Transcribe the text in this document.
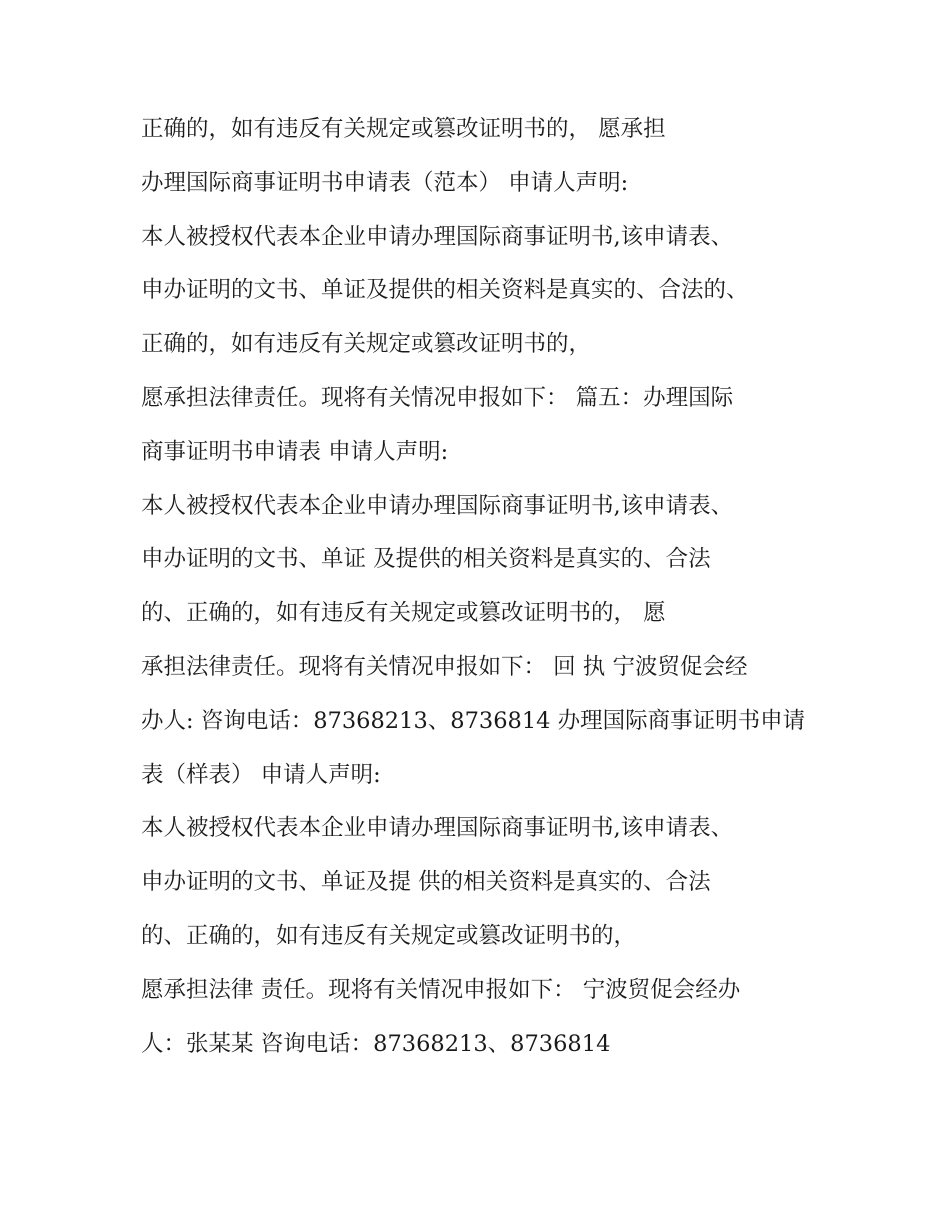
正确的，如有违反有关规定或篡改证明书的， 愿承担
办理国际商事证明书申请表（范本） 申请人声明:
本人被授权代表本企业申请办理国际商事证明书,该申请表、
申办证明的文书、单证及提供的相关资料是真实的、合法的、
正确的，如有违反有关规定或篡改证明书的，
愿承担法律责任。现将有关情况申报如下： 篇五：办理国际
商事证明书申请表 申请人声明:
本人被授权代表本企业申请办理国际商事证明书,该申请表、
申办证明的文书、单证 及提供的相关资料是真实的、合法
的、正确的，如有违反有关规定或篡改证明书的， 愿
承担法律责任。现将有关情况申报如下： 回 执 宁波贸促会经
办人: 咨询电话：87368213、8736814 办理国际商事证明书申请
表（样表） 申请人声明:
本人被授权代表本企业申请办理国际商事证明书,该申请表、
申办证明的文书、单证及提 供的相关资料是真实的、合法
的、正确的，如有违反有关规定或篡改证明书的，
愿承担法律 责任。现将有关情况申报如下： 宁波贸促会经办
人：张某某 咨询电话：87368213、8736814
